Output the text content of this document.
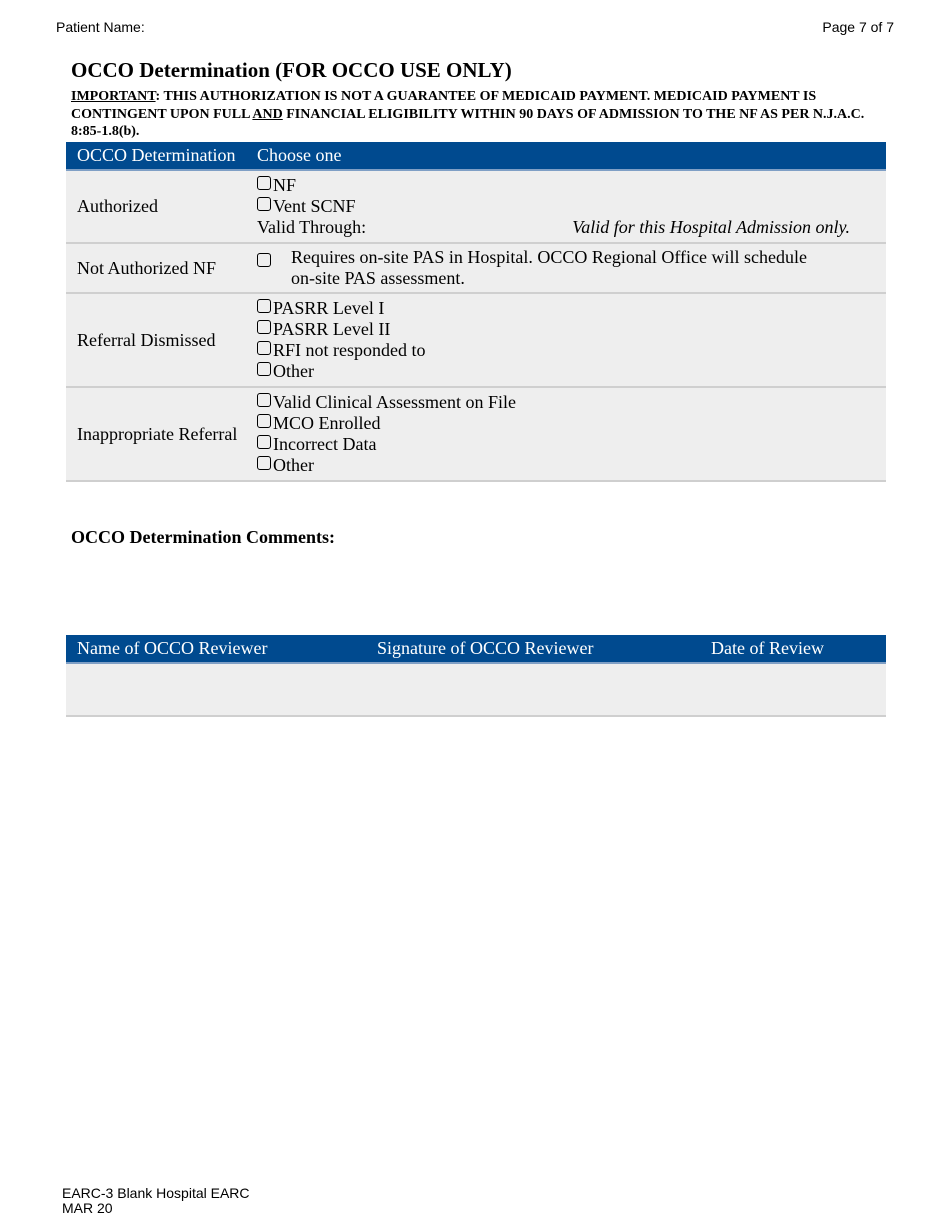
Patient Name:	Page 7 of 7
OCCO Determination (FOR OCCO USE ONLY)
IMPORTANT: THIS AUTHORIZATION IS NOT A GUARANTEE OF MEDICAID PAYMENT. MEDICAID PAYMENT IS CONTINGENT UPON FULL AND FINANCIAL ELIGIBILITY WITHIN 90 DAYS OF ADMISSION TO THE NF AS PER N.J.A.C. 8:85-1.8(b).
OCCO Determination	Choose one
Authorized	NF
Vent SCNF
Valid Through: Valid for this Hospital Admission only.

Not Authorized NF	Requires on-site PAS in Hospital. OCCO Regional Office will schedule
on-site PAS assessment.

Referral Dismissed	PASRR Level I
PASRR Level II
RFI not responded to
Other

Inappropriate Referral	Valid Clinical Assessment on File
MCO Enrolled
Incorrect Data
Other
OCCO Determination Comments:
Name of OCCO Reviewer	Signature of OCCO Reviewer	Date of Review

EARC-3 Blank Hospital EARC
MAR 20
